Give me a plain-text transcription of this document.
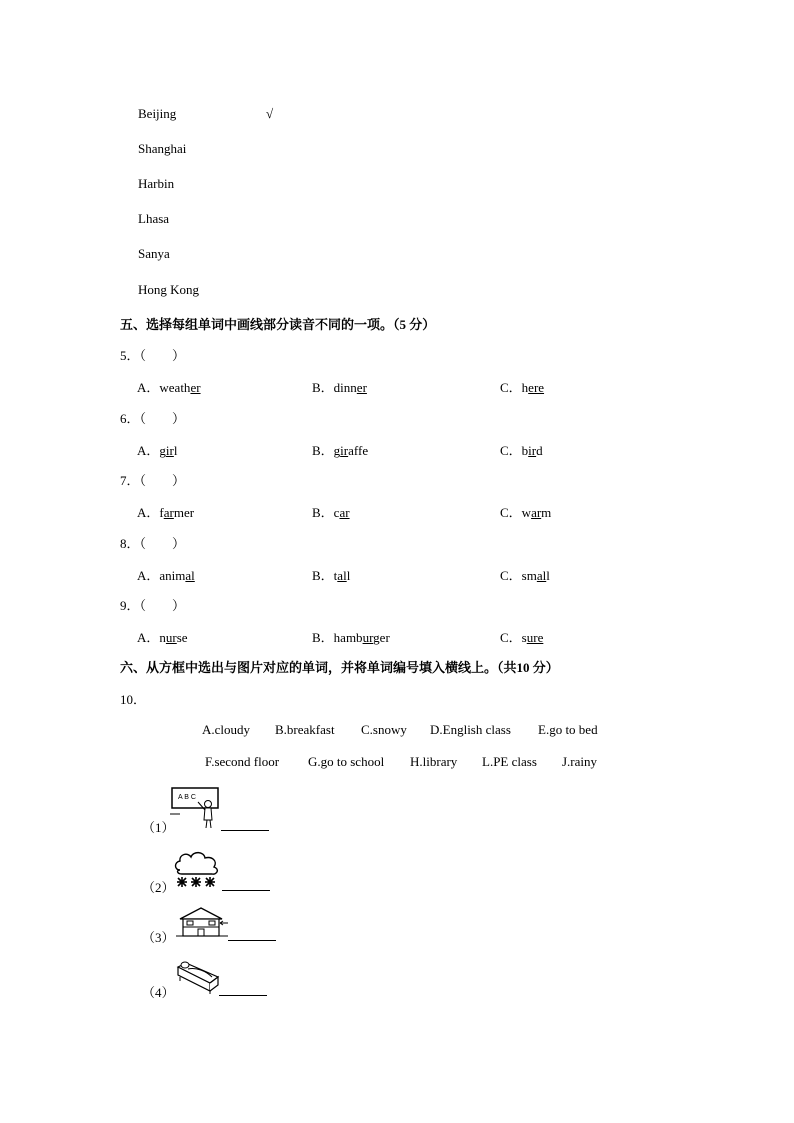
Beijing	√
Shanghai
Harbin
Lhasa
Sanya
Hong Kong
五、选择每组单词中画线部分读音不同的一项。（5 分）
5．（　　）
A．weather	B．dinner	C．here
6．（　　）
A．girl	B．giraffe	C．bird
7．（　　）
A．farmer	B．car	C．warm
8．（　　）
A．animal	B．tall	C．small
9．（　　）
A．nurse	B．hamburger	C．sure
六、从方框中选出与图片对应的单词，并将单词编号填入横线上。（共10 分）
10．
A.cloudy B.breakfast C.snowy D.English class E.go to bed
F.second floor G.go to school H.library L.PE class J.rainy
（1）
A B C
（2）
（3）
（4）
